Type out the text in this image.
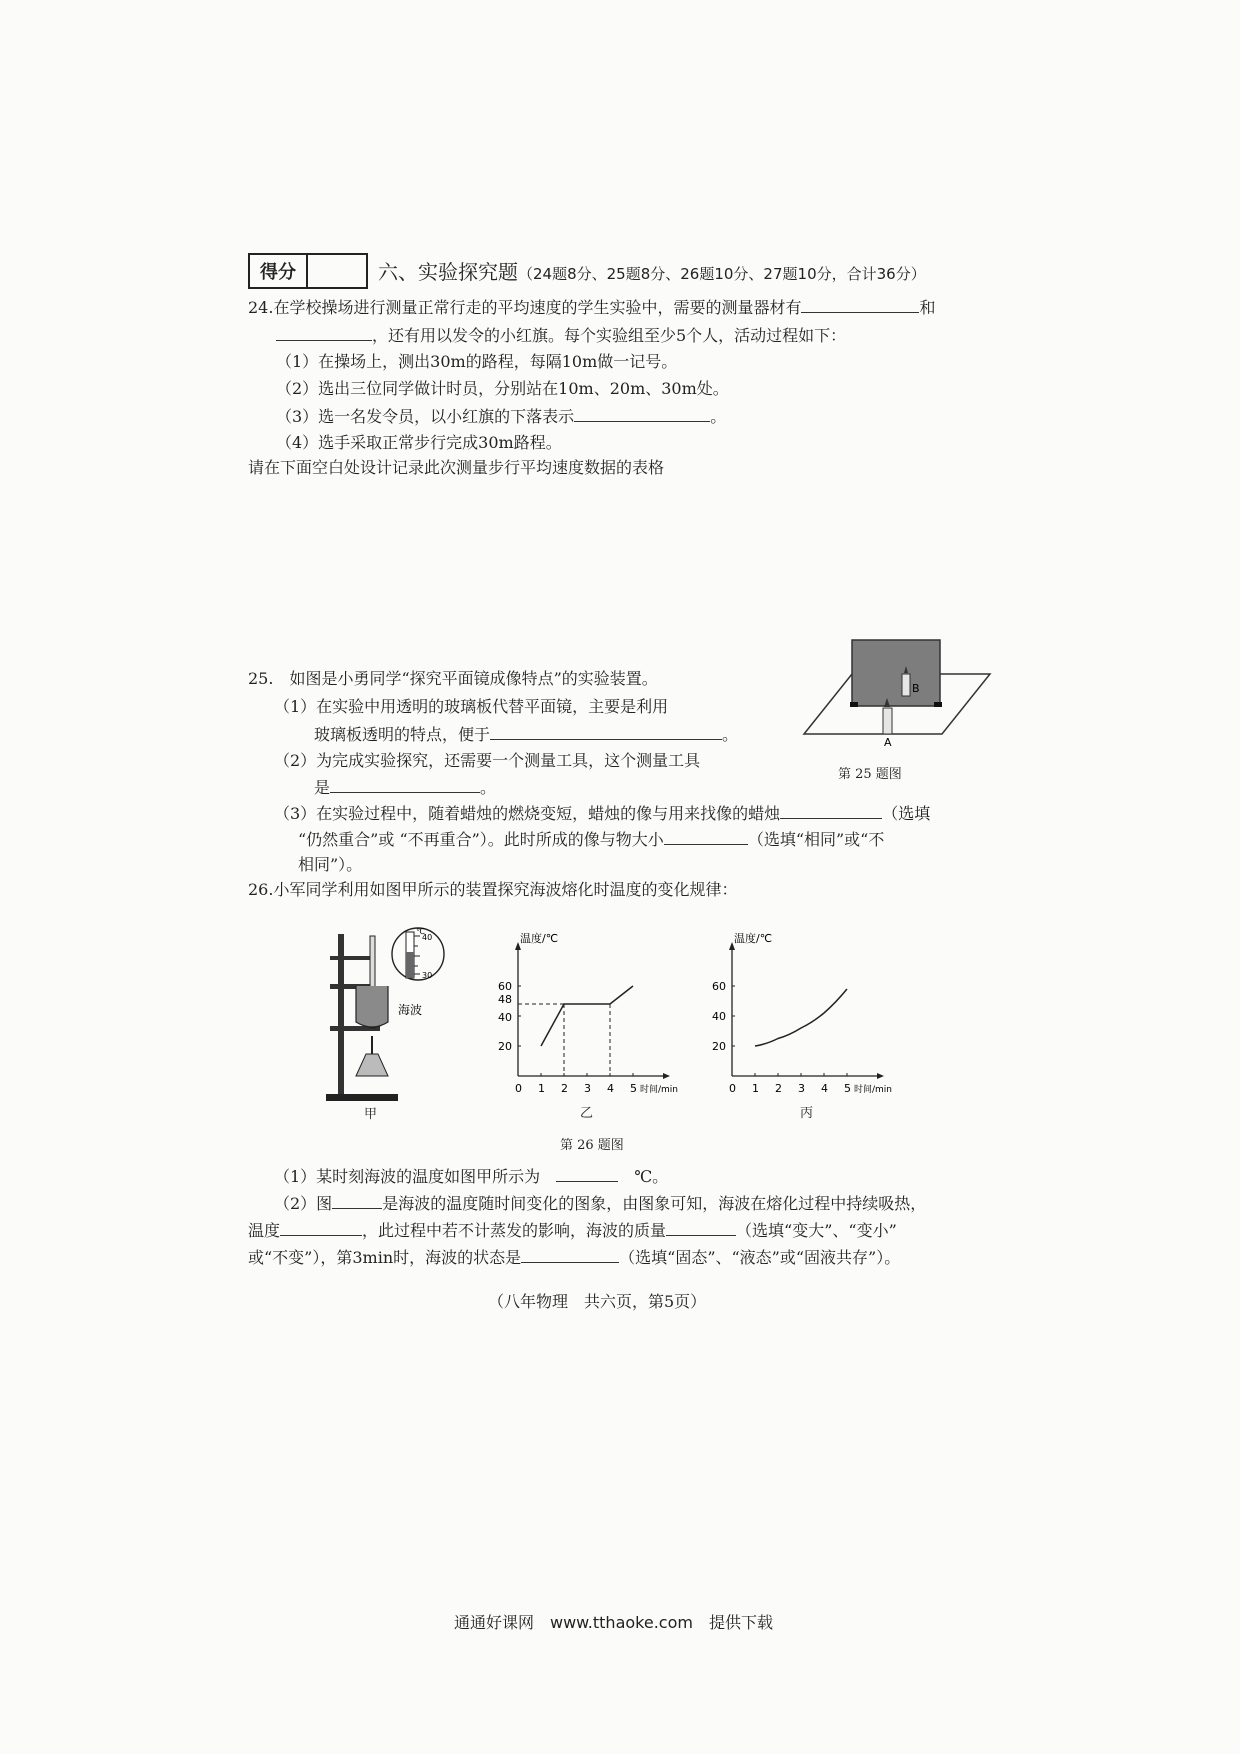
得分	六、实验探究题（24题8分、25题8分、26题10分、27题10分，合计36分）
24.在学校操场进行测量正常行走的平均速度的学生实验中，需要的测量器材有	和
，还有用以发令的小红旗。每个实验组至少5个人，活动过程如下：
（1）在操场上，测出30m的路程，每隔10m做一记号。
（2）选出三位同学做计时员，分别站在10m、20m、30m处。
（3）选一名发令员，以小红旗的下落表示	。
（4）选手采取正常步行完成30m路程。
请在下面空白处设计记录此次测量步行平均速度数据的表格
25.　如图是小勇同学“探究平面镜成像特点”的实验装置。
（1）在实验中用透明的玻璃板代替平面镜，主要是利用
玻璃板透明的特点，便于	。
（2）为完成实验探究，还需要一个测量工具，这个测量工具
是	。
（3）在实验过程中，随着蜡烛的燃烧变短，蜡烛的像与用来找像的蜡烛	（选填
“仍然重合”或 “不再重合”）。此时所成的像与物大小	（选填“相同”或“不
相同”）。
B
A
第 25 题图
26.小军同学利用如图甲所示的装置探究海波熔化时温度的变化规律：
℃
40
30
海波
甲
温度/℃
时间/min
0 1 2 3 4 5
20
40
48
60
温度/℃
时间/min
0 1 2 3 4 5
20
40
60
乙	丙
第 26 题图
（1）某时刻海波的温度如图甲所示为　　	℃。
（2）图	是海波的温度随时间变化的图象，由图象可知，海波在熔化过程中持续吸热，
温度	，此过程中若不计蒸发的影响，海波的质量	（选填“变大”、“变小”
或“不变”），第3min时，海波的状态是	（选填“固态”、“液态”或“固液共存”）。
（八年物理　共六页，第5页）
通通好课网　www.tthaoke.com　提供下载
